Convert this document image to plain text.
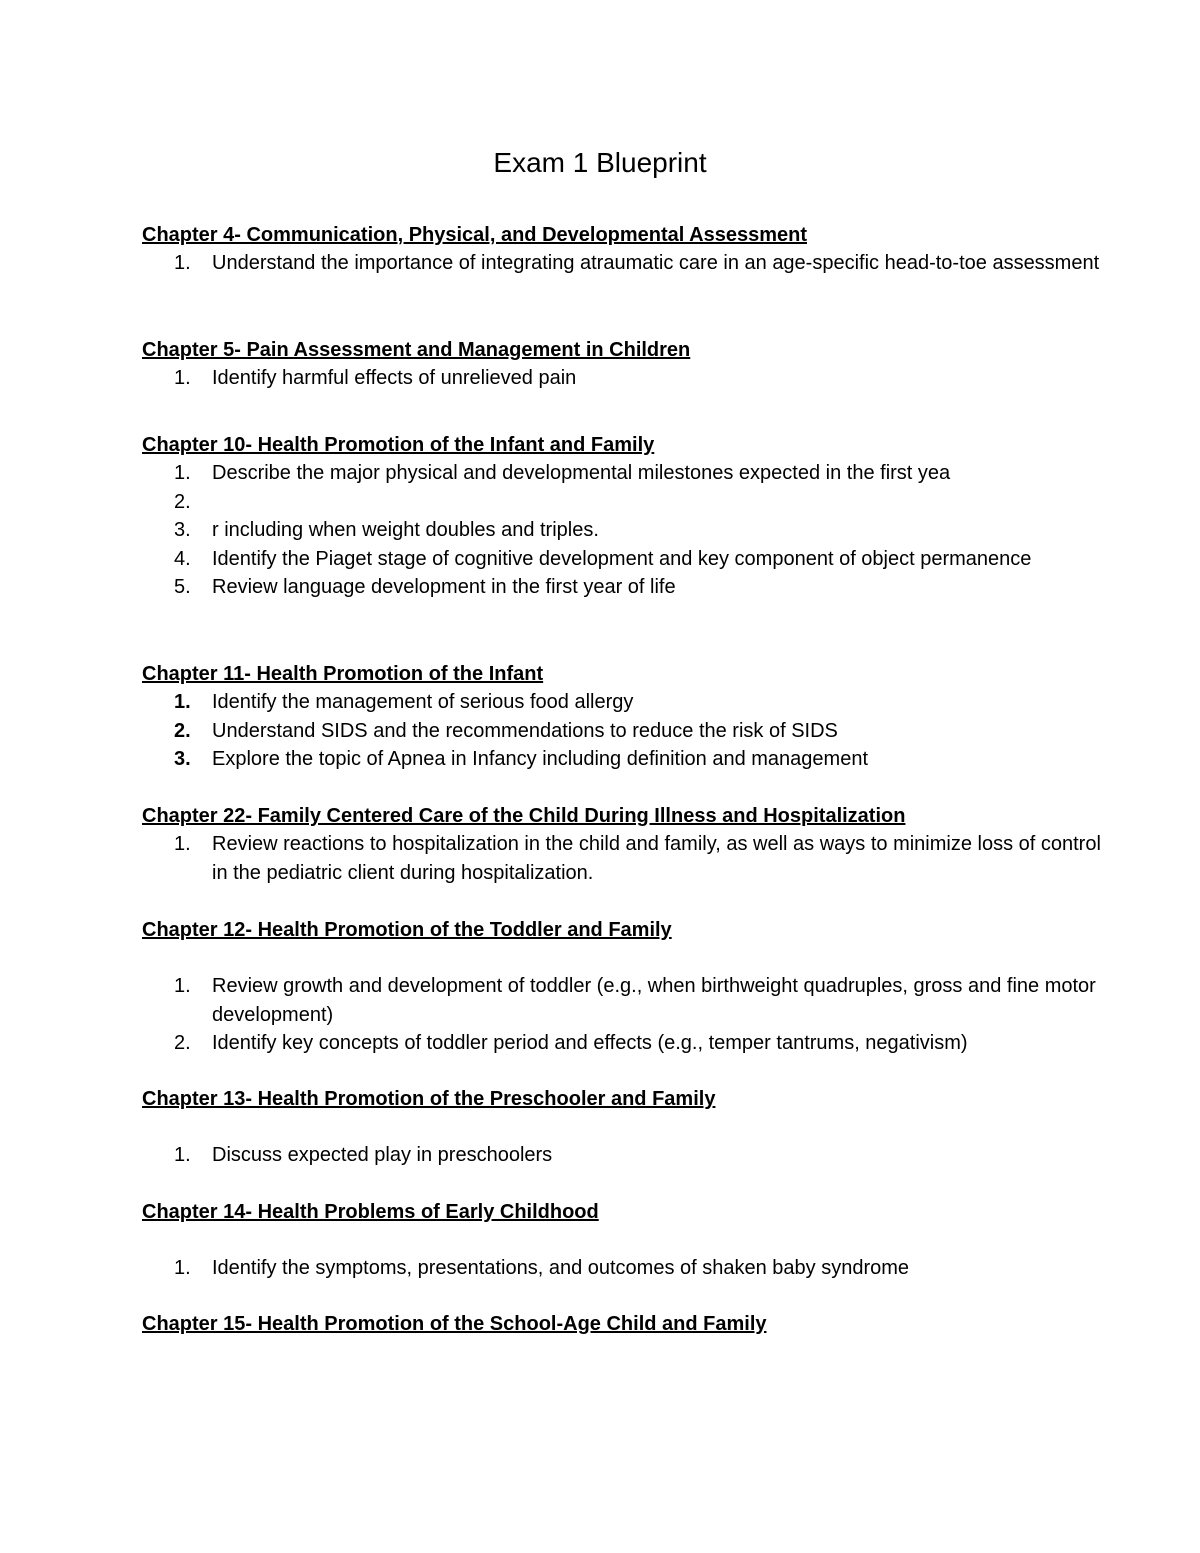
Exam 1 Blueprint
Chapter 4- Communication, Physical, and Developmental Assessment
1. Understand the importance of integrating atraumatic care in an age-specific head-to-toe assessment
Chapter 5- Pain Assessment and Management in Children
1. Identify harmful effects of unrelieved pain
Chapter 10- Health Promotion of the Infant and Family
1. Describe the major physical and developmental milestones expected in the first yea
2.
3. r including when weight doubles and triples.
4. Identify the Piaget stage of cognitive development and key component of object permanence
5. Review language development in the first year of life
Chapter 11- Health Promotion of the Infant
1. Identify the management of serious food allergy
2. Understand SIDS and the recommendations to reduce the risk of SIDS
3. Explore the topic of Apnea in Infancy including definition and management
Chapter 22- Family Centered Care of the Child During Illness and Hospitalization
1. Review reactions to hospitalization in the child and family, as well as ways to minimize loss of control in the pediatric client during hospitalization.
Chapter 12- Health Promotion of the Toddler and Family
1. Review growth and development of toddler (e.g., when birthweight quadruples, gross and fine motor development)
2. Identify key concepts of toddler period and effects (e.g., temper tantrums, negativism)
Chapter 13- Health Promotion of the Preschooler and Family
1. Discuss expected play in preschoolers
Chapter 14- Health Problems of Early Childhood
1. Identify the symptoms, presentations, and outcomes of shaken baby syndrome
Chapter 15- Health Promotion of the School-Age Child and Family
